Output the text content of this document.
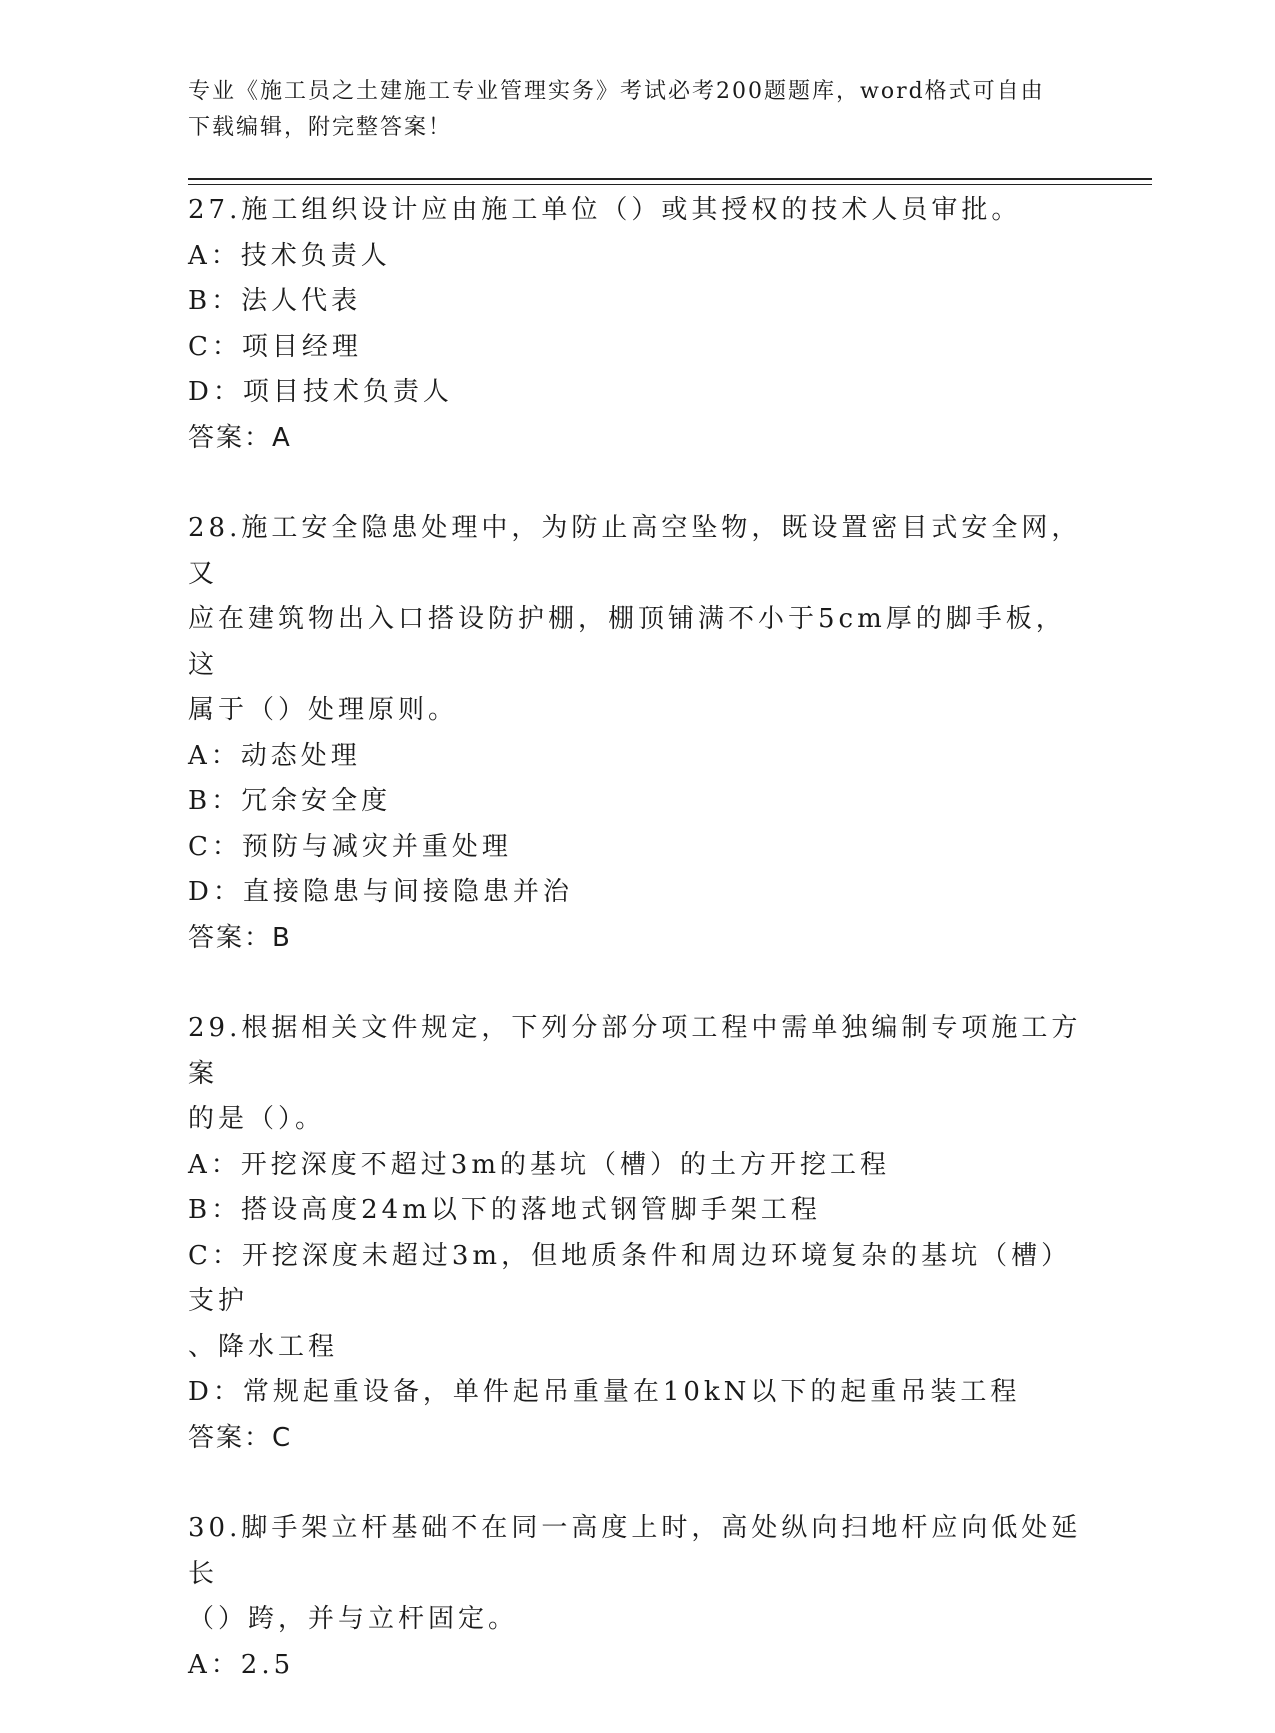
专业《施工员之土建施工专业管理实务》考试必考200题题库，word格式可自由
下载编辑，附完整答案！
27.施工组织设计应由施工单位（）或其授权的技术人员审批。
A：技术负责人
B：法人代表
C：项目经理
D：项目技术负责人
答案：A
28.施工安全隐患处理中，为防止高空坠物，既设置密目式安全网，又
应在建筑物出入口搭设防护棚，棚顶铺满不小于5cm厚的脚手板，这
属于（）处理原则。
A：动态处理
B：冗余安全度
C：预防与减灾并重处理
D：直接隐患与间接隐患并治
答案：B
29.根据相关文件规定，下列分部分项工程中需单独编制专项施工方案
的是（）。
A：开挖深度不超过3m的基坑（槽）的土方开挖工程
B：搭设高度24m以下的落地式钢管脚手架工程
C：开挖深度未超过3m，但地质条件和周边环境复杂的基坑（槽）支护
、降水工程
D：常规起重设备，单件起吊重量在10kN以下的起重吊装工程
答案：C
30.脚手架立杆基础不在同一高度上时，高处纵向扫地杆应向低处延长
（）跨，并与立杆固定。
A：2.5
